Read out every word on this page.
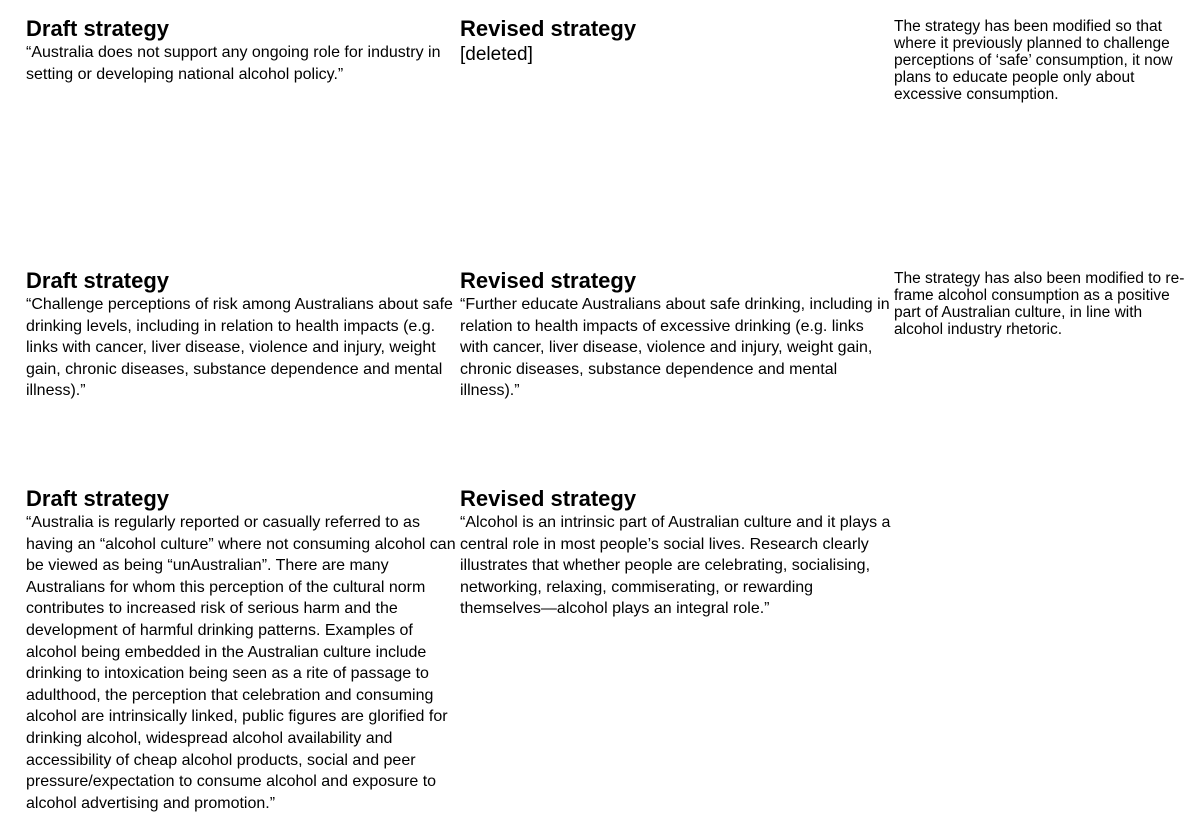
Draft strategy

“Australia does not support any ongoing role for industry in setting or developing national alcohol policy.”

Revised strategy

[deleted]

The strategy has been modified so that where it previously planned to challenge perceptions of ‘safe’ consumption, it now plans to educate people only about excessive consumption.

Draft strategy

“Challenge perceptions of risk among Australians about safe drinking levels, including in relation to health impacts (e.g. links with cancer, liver disease, violence and injury, weight gain, chronic diseases, substance dependence and mental illness).”

Revised strategy

“Further educate Australians about safe drinking, including in relation to health impacts of excessive drinking (e.g. links with cancer, liver disease, violence and injury, weight gain, chronic diseases, substance dependence and mental illness).”

The strategy has also been modified to re-frame alcohol consumption as a positive part of Australian culture, in line with alcohol industry rhetoric.

Draft strategy

“Australia is regularly reported or casually referred to as having an “alcohol culture” where not consuming alcohol can be viewed as being “unAustralian”. There are many Australians for whom this perception of the cultural norm contributes to increased risk of serious harm and the development of harmful drinking patterns. Examples of alcohol being embedded in the Australian culture include drinking to intoxication being seen as a rite of passage to adulthood, the perception that celebration and consuming alcohol are intrinsically linked, public figures are glorified for drinking alcohol, widespread alcohol availability and accessibility of cheap alcohol products, social and peer pressure/expectation to consume alcohol and exposure to alcohol advertising and promotion.”

Revised strategy

“Alcohol is an intrinsic part of Australian culture and it plays a central role in most people’s social lives. Research clearly illustrates that whether people are celebrating, socialising, networking, relaxing, commiserating, or rewarding themselves—alcohol plays an integral role.”
